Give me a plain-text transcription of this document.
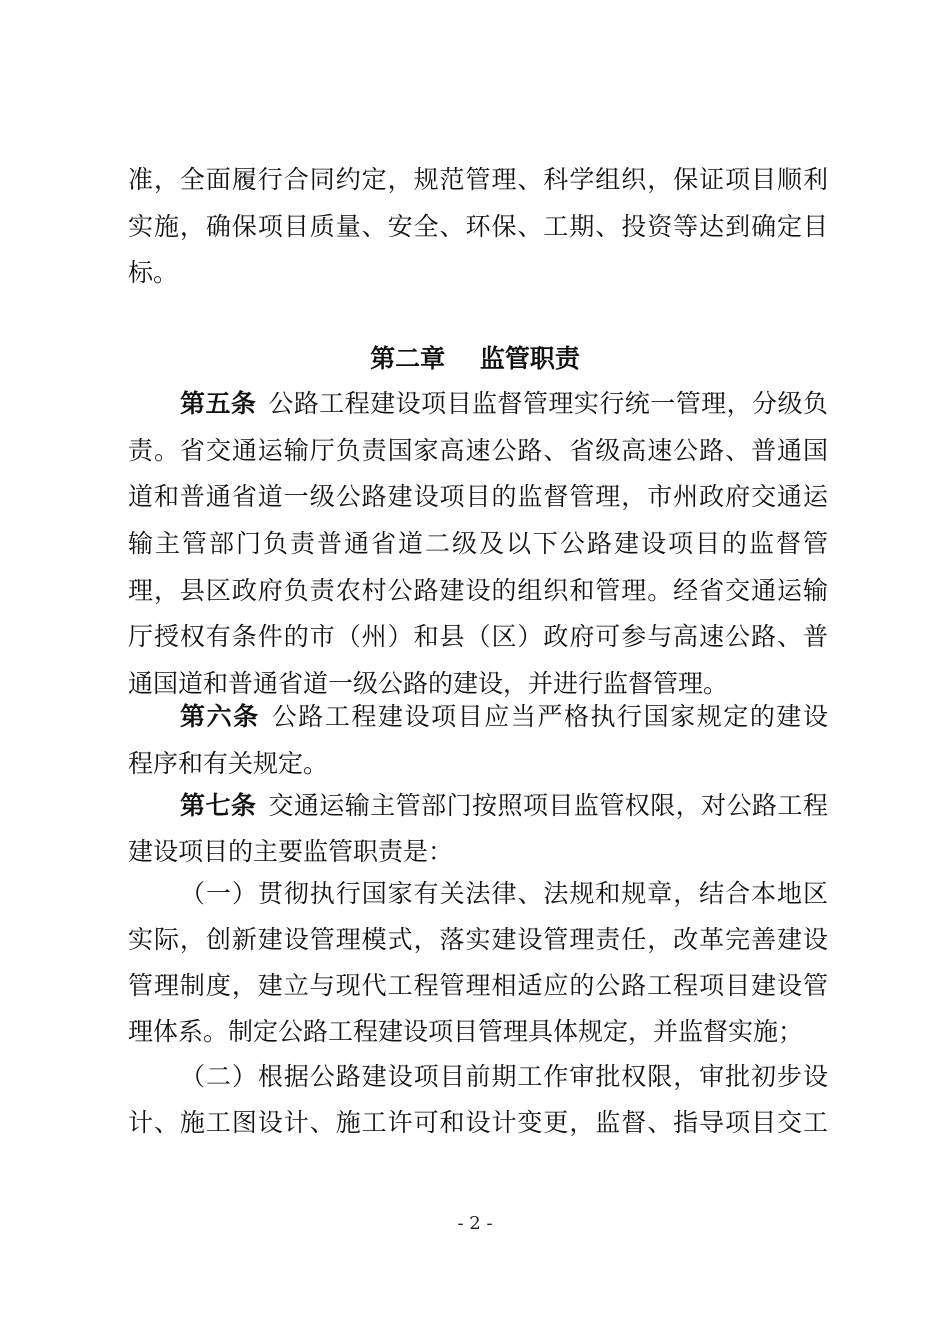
准，全面履行合同约定，规范管理、科学组织，保证项目顺利
实施，确保项目质量、安全、环保、工期、投资等达到确定目
标。
第二章    监管职责
第五条 公路工程建设项目监督管理实行统一管理，分级负
责。省交通运输厅负责国家高速公路、省级高速公路、普通国
道和普通省道一级公路建设项目的监督管理，市州政府交通运
输主管部门负责普通省道二级及以下公路建设项目的监督管
理，县区政府负责农村公路建设的组织和管理。经省交通运输
厅授权有条件的市（州）和县（区）政府可参与高速公路、普
通国道和普通省道一级公路的建设，并进行监督管理。
第六条 公路工程建设项目应当严格执行国家规定的建设
程序和有关规定。
第七条 交通运输主管部门按照项目监管权限，对公路工程
建设项目的主要监管职责是：
（一）贯彻执行国家有关法律、法规和规章，结合本地区
实际，创新建设管理模式，落实建设管理责任，改革完善建设
管理制度，建立与现代工程管理相适应的公路工程项目建设管
理体系。制定公路工程建设项目管理具体规定，并监督实施；
（二）根据公路建设项目前期工作审批权限，审批初步设
计、施工图设计、施工许可和设计变更，监督、指导项目交工
- 2 -
